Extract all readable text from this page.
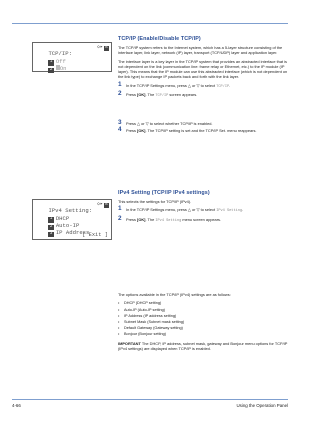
TCP/IP:

◇▸ B

1 Off

2 On

IPv4 Setting:

◇▸ B

1 DHCP

2 Auto-IP

3 IP Address

[ Exit ]
TCP/IP (Enable/Disable TCP/IP)

The TCP/IP system refers to the Internet system, which has a 5-layer structure consisting of the interface layer, link layer, network (IP) layer, transport (TCP/UDP) layer and application layer.

The interface layer is a key layer in the TCP/IP system that provides an abstracted interface that is not dependent on the link (communication line: frame relay or Ethernet, etc.) to the IP module (IP layer). This means that the IP module can use this abstracted interface (which is not dependent on the link type) to exchange IP packets back and forth with the link layer.

1 In the TCP/IP Settings menu, press △ or ▽ to select TCP/IP.
2 Press [OK]. The TCP/IP screen appears.
3 Press △ or ▽ to select whether TCP/IP is enabled.
4 Press [OK]. The TCP/IP setting is set and the TCP/IP Set. menu reappears.
IPv4 Setting (TCP/IP IPv4 settings)

This selects the settings for TCP/IP (IPv4).

1 In the TCP/IP Settings menu, press △ or ▽ to select IPv4 Setting.
2 Press [OK]. The IPv4 Setting menu screen appears.

The options available in the TCP/IP (IPv4) settings are as follows:

• DHCP (DHCP setting)
• Auto-IP (Auto-IP setting)
• IP Address (IP address setting)
• Subnet Mask (Subnet mask setting)
• Default Gateway (Gateway setting)
• Bonjour (Bonjour setting)

IMPORTANT The DHCP, IP address, subnet mask, gateway and Bonjour menu options for TCP/IP (IPv4 settings) are displayed when TCP/IP is enabled.

4-66	Using the Operation Panel
